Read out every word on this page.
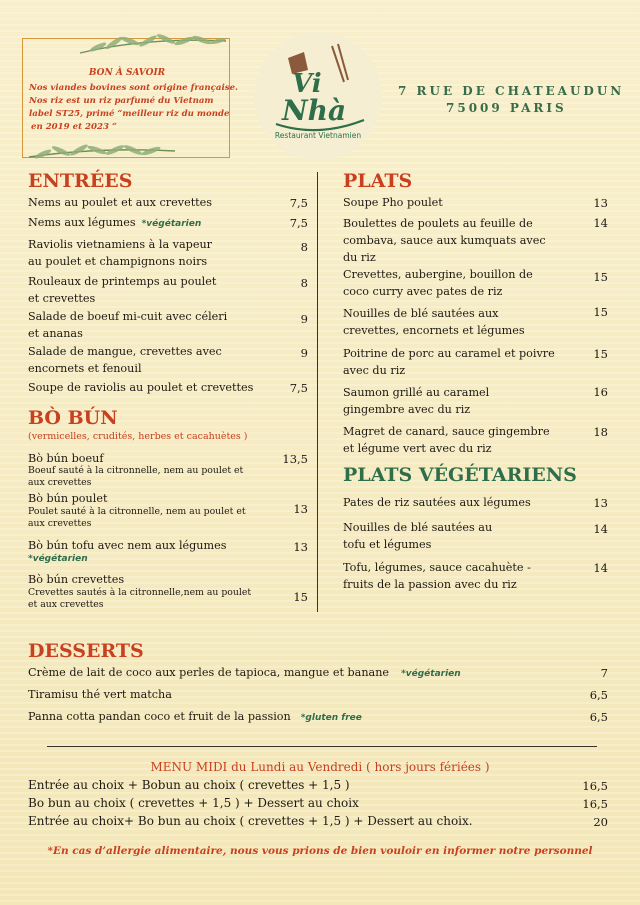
BON À SAVOIR
Nos viandes bovines sont origine française.
Nos riz est un riz parfumé du Vietnam
label ST25, primé “meilleur riz du monde
en 2019 et 2023 “
Vi
Nhà
Restaurant Vietnamien
7 RUE DE CHATEAUDUN
75009 PARIS
ENTRÉES
Nems au poulet et aux crevettes	7,5
Nems aux légumes *végétarien	7,5
Raviolis vietnamiens à la vapeur
au poulet et champignons noirs
8
Rouleaux de printemps au poulet
et crevettes
8
Salade de boeuf mi-cuit avec céleri
et ananas
9
Salade de mangue, crevettes avec
encornets et fenouil
9
Soupe de raviolis au poulet et crevettes	7,5
BÒ BÚN
(vermicelles, crudités, herbes et cacahuètes )
Bò bún boeuf
Boeuf sauté à la citronnelle, nem au poulet et
aux crevettes
13,5
Bò bún poulet
Poulet sauté à la citronnelle, nem au poulet et
aux crevettes
13
Bò bún tofu avec nem aux légumes
*végétarien
13
Bò bún crevettes
Crevettes sautés à la citronnelle,nem au poulet
et aux crevettes
15
PLATS
Soupe Pho poulet	13
Boulettes de poulets au feuille de
combava, sauce aux kumquats avec
du riz
14
Crevettes, aubergine, bouillon de
coco curry avec pates de riz
15
Nouilles de blé sautées aux
crevettes, encornets et légumes
15
Poitrine de porc au caramel et poivre
avec du riz
15
Saumon grillé au caramel
gingembre avec du riz
16
Magret de canard, sauce gingembre
et légume vert avec du riz
18
PLATS VÉGÉTARIENS
Pates de riz sautées aux légumes	13
Nouilles de blé sautées au
tofu et légumes
14
Tofu, légumes, sauce cacahuète -
fruits de la passion avec du riz
14
DESSERTS
Crème de lait de coco aux perles de tapioca, mangue et banane *végétarien	7
Tiramisu thé vert matcha	6,5
Panna cotta pandan coco et fruit de la passion *gluten free	6,5
MENU MIDI du Lundi au Vendredi ( hors jours fériées )
Entrée au choix + Bobun au choix ( crevettes + 1,5 )	16,5
Bo bun au choix ( crevettes + 1,5 ) + Dessert au choix	16,5
Entrée au choix+ Bo bun au choix ( crevettes + 1,5 ) + Dessert au choix.	20
*En cas d’allergie alimentaire, nous vous prions de bien vouloir en informer notre personnel
